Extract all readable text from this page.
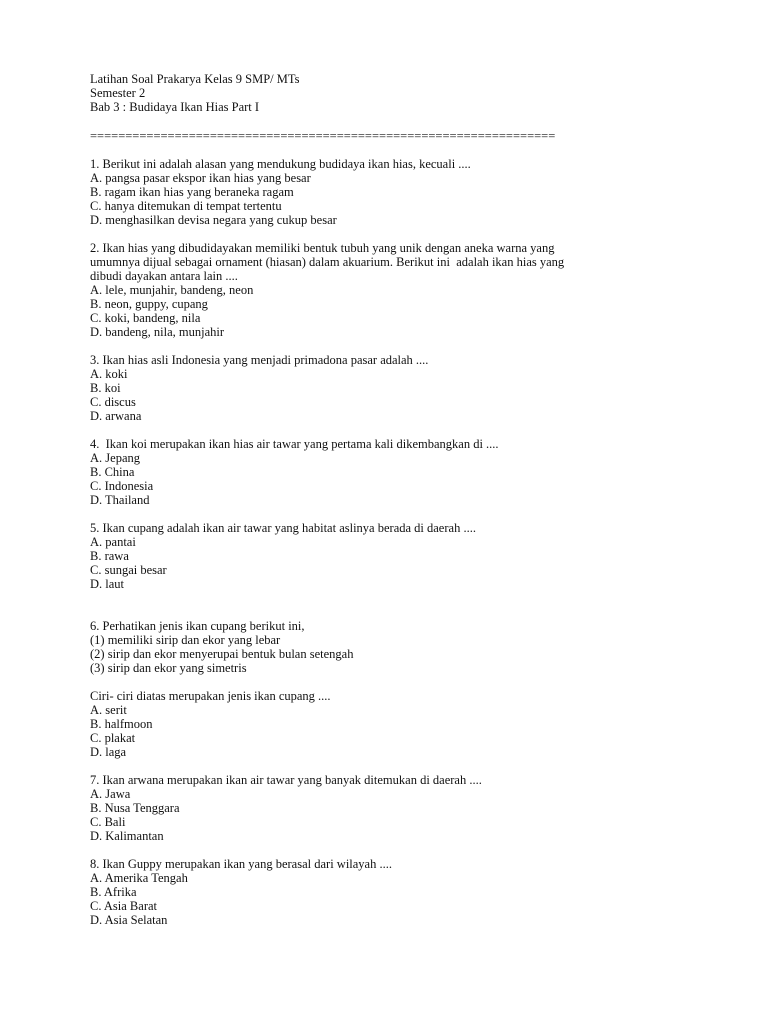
Latihan Soal Prakarya Kelas 9 SMP/ MTs
Semester 2
Bab 3 : Budidaya Ikan Hias Part I
==================================================================
1. Berikut ini adalah alasan yang mendukung budidaya ikan hias, kecuali ....
A. pangsa pasar ekspor ikan hias yang besar
B. ragam ikan hias yang beraneka ragam
C. hanya ditemukan di tempat tertentu
D. menghasilkan devisa negara yang cukup besar
2. Ikan hias yang dibudidayakan memiliki bentuk tubuh yang unik dengan aneka warna yang
umumnya dijual sebagai ornament (hiasan) dalam akuarium. Berikut ini  adalah ikan hias yang
dibudi dayakan antara lain ....
A. lele, munjahir, bandeng, neon
B. neon, guppy, cupang
C. koki, bandeng, nila
D. bandeng, nila, munjahir
3. Ikan hias asli Indonesia yang menjadi primadona pasar adalah ....
A. koki
B. koi
C. discus
D. arwana
4.  Ikan koi merupakan ikan hias air tawar yang pertama kali dikembangkan di ....
A. Jepang
B. China
C. Indonesia
D. Thailand
5. Ikan cupang adalah ikan air tawar yang habitat aslinya berada di daerah ....
A. pantai
B. rawa
C. sungai besar
D. laut
6. Perhatikan jenis ikan cupang berikut ini,
(1) memiliki sirip dan ekor yang lebar
(2) sirip dan ekor menyerupai bentuk bulan setengah
(3) sirip dan ekor yang simetris
Ciri- ciri diatas merupakan jenis ikan cupang ....
A. serit
B. halfmoon
C. plakat
D. laga
7. Ikan arwana merupakan ikan air tawar yang banyak ditemukan di daerah ....
A. Jawa
B. Nusa Tenggara
C. Bali
D. Kalimantan
8. Ikan Guppy merupakan ikan yang berasal dari wilayah ....
A. Amerika Tengah
B. Afrika
C. Asia Barat
D. Asia Selatan
